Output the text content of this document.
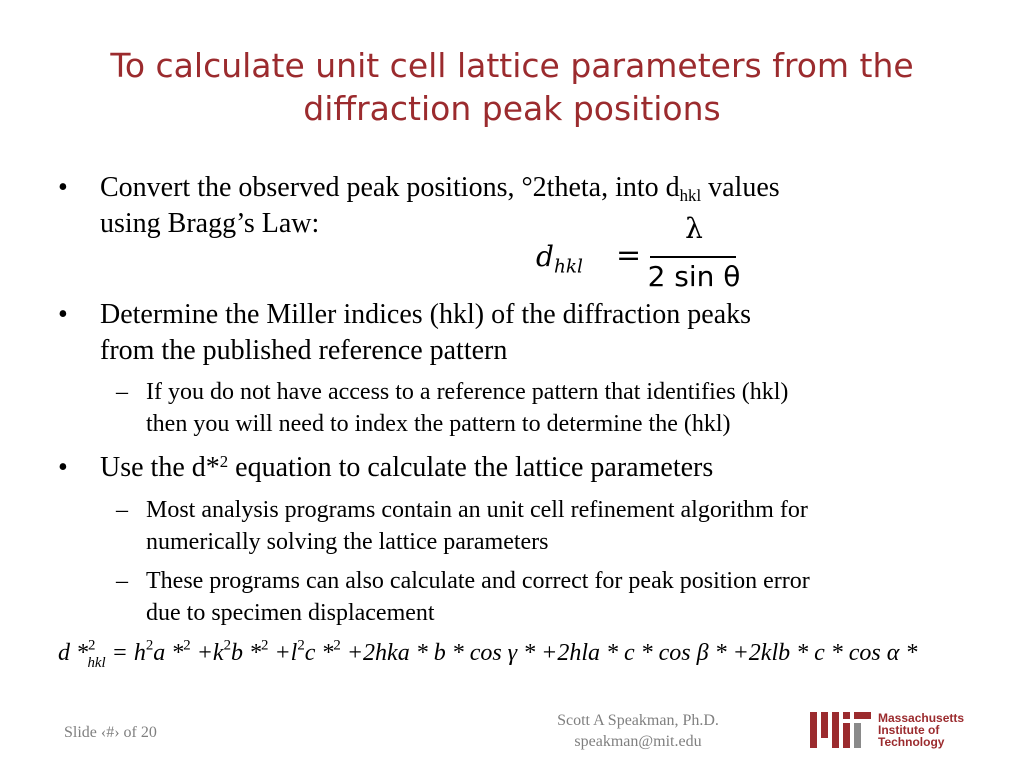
To calculate unit cell lattice parameters from the
diffraction peak positions
• Convert the observed peak positions, °2theta, into $d_{hkl}$ values
using Bragg’s Law:
$d_{hkl}$ =
λ
2 sin θ
• Determine the Miller indices (hkl) of the diffraction peaks
from the published reference pattern
– If you do not have access to a reference pattern that identifies (hkl)
then you will need to index the pattern to determine the (hkl)
• Use the d*$^2$ equation to calculate the lattice parameters
– Most analysis programs contain an unit cell refinement algorithm for
numerically solving the lattice parameters
– These programs can also calculate and correct for peak position error
due to specimen displacement
d $*^2_{hkl} = h^2a$ $*^2 +k^2b$ $*^2 +l^2c$ *$^2$ +2hka * b * cos γ * +2hla * c * cos β * +2klb * c * cos α *
Slide ‹#› of 20
Scott A Speakman, Ph.D.
speakman@mit.edu
Massachusetts
Institute of
Technology
